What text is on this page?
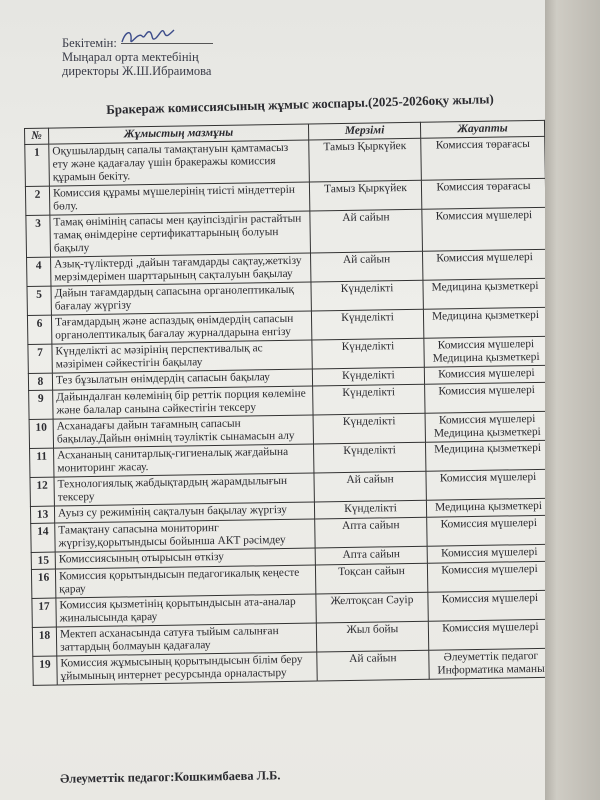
Бекітемін:
Мыңарал орта мектебінің
директоры Ж.Ш.Ибраимова
Бракераж комиссиясының жұмыс жоспары.(2025-2026оқу жылы)
№	Жұмыстың мазмұны	Мерзімі	Жауапты
1	Оқушылардың сапалы тамақтануын қамтамасыз ету және қадағалау үшін бракеражы комиссия құрамын бекіту.	Тамыз Қыркүйек	Комиссия төрағасы
2	Комиссия құрамы мүшелерінің тиісті міндеттерін бөлу.	Тамыз Қыркүйек	Комиссия төрағасы
3	Тамақ өнімінің сапасы мен қауіпсіздігін растайтын тамақ өнімдеріне сертификаттарының болуын бақылу	Ай сайын	Комиссия мүшелері
4	Азық-түліктерді ,дайын тағамдарды сақтау,жеткізу мерзімдерімен шарттарының сақталуын бақылау	Ай сайын	Комиссия мүшелері
5	Дайын тағамдардың сапасына органолептикалық бағалау жүргізу	Күнделікті	Медицина қызметкері
6	Тағамдардың және аспаздық өнімдердің сапасын органолептикалық бағалау журналдарына енгізу	Күнделікті	Медицина қызметкері
7	Күнделікті ас мәзірінің перспективалық ас мәзірімен сәйкестігін бақылау	Күнделікті	Комиссия мүшелері Медицина қызметкері
8	Тез бұзылатын өнімдердің сапасын бақылау	Күнделікті	Комиссия мүшелері
9	Дайындалған көлемінің бір реттік порция көлеміне және балалар санына сәйкестігін тексеру	Күнделікті	Комиссия мүшелері
10	Асханадағы дайын тағамның сапасын бақылау.Дайын өнімнің тәуліктік сынамасын алу	Күнделікті	Комиссия мүшелері Медицина қызметкері
11	Асхананың санитарлық-гигиеналық жағдайына мониторинг жасау.	Күнделікті	Медицина қызметкері
12	Технологиялық жабдықтардың жарамдылығын тексеру	Ай сайын	Комиссия мүшелері
13	Ауыз су режимінің сақталуын бақылау жүргізу	Күнделікті	Медицина қызметкері
14	Тамақтану сапасына мониторинг жүргізу,қорытындысы бойынша АКТ рәсімдеу	Апта сайын	Комиссия мүшелері
15	Комиссиясының отырысын өткізу	Апта сайын	Комиссия мүшелері
16	Комиссия қорытындысын педагогикалық кеңесте қарау	Тоқсан сайын	Комиссия мүшелері
17	Комиссия қызметінің қорытындысын ата-аналар жиналысында қарау	Желтоқсан Сәуір	Комиссия мүшелері
18	Мектеп асханасында сатуға тыйым салынған заттардың болмауын қадағалау	Жыл бойы	Комиссия мүшелері
19	Комиссия жұмысының қорытындысын білім беру ұйымының интернет ресурсында орналастыру	Ай сайын	Әлеуметтік педагог Информатика маманы
Әлеуметтік педагог:Кошкимбаева Л.Б.
